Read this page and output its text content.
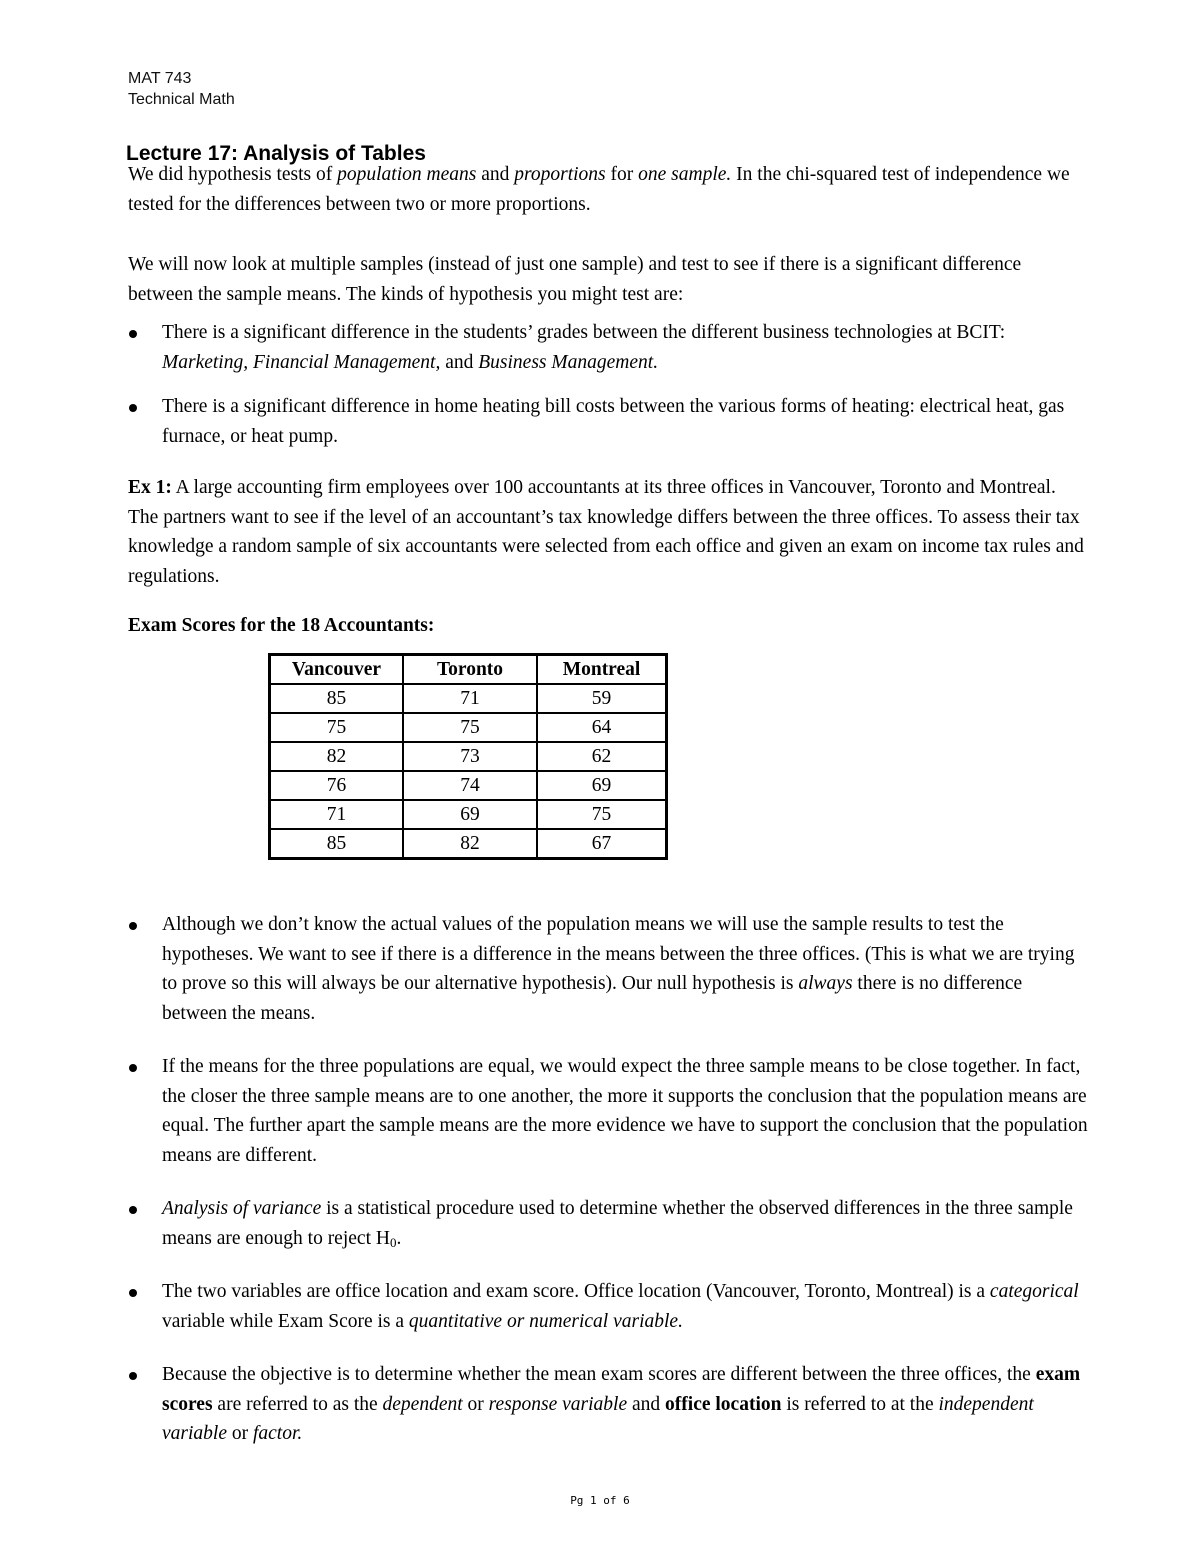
MAT 743
Technical Math
Lecture 17: Analysis of Tables

We did hypothesis tests of population means and proportions for one sample. In the chi-squared test of independence we tested for the differences between two or more proportions.

We will now look at multiple samples (instead of just one sample) and test to see if there is a significant difference between the sample means. The kinds of hypothesis you might test are:

There is a significant difference in the students’ grades between the different business technologies at BCIT: Marketing, Financial Management, and Business Management.
There is a significant difference in home heating bill costs between the various forms of heating: electrical heat, gas furnace, or heat pump.

Ex 1: A large accounting firm employees over 100 accountants at its three offices in Vancouver, Toronto and Montreal. The partners want to see if the level of an accountant’s tax knowledge differs between the three offices. To assess their tax knowledge a random sample of six accountants were selected from each office and given an exam on income tax rules and regulations.

Exam Scores for the 18 Accountants:
Vancouver	Toronto	Montreal
85	71	59
75	75	64
82	73	62
76	74	69
71	69	75
85	82	67
Although we don’t know the actual values of the population means we will use the sample results to test the hypotheses. We want to see if there is a difference in the means between the three offices. (This is what we are trying to prove so this will always be our alternative hypothesis). Our null hypothesis is always there is no difference between the means.
If the means for the three populations are equal, we would expect the three sample means to be close together. In fact, the closer the three sample means are to one another, the more it supports the conclusion that the population means are equal. The further apart the sample means are the more evidence we have to support the conclusion that the population means are different.
Analysis of variance is a statistical procedure used to determine whether the observed differences in the three sample means are enough to reject $H_0$.
The two variables are office location and exam score. Office location (Vancouver, Toronto, Montreal) is a categorical variable while Exam Score is a quantitative or numerical variable.
Because the objective is to determine whether the mean exam scores are different between the three offices, the exam scores are referred to as the dependent or response variable and office location is referred to at the independent variable or factor.
Pg 1 of 6
